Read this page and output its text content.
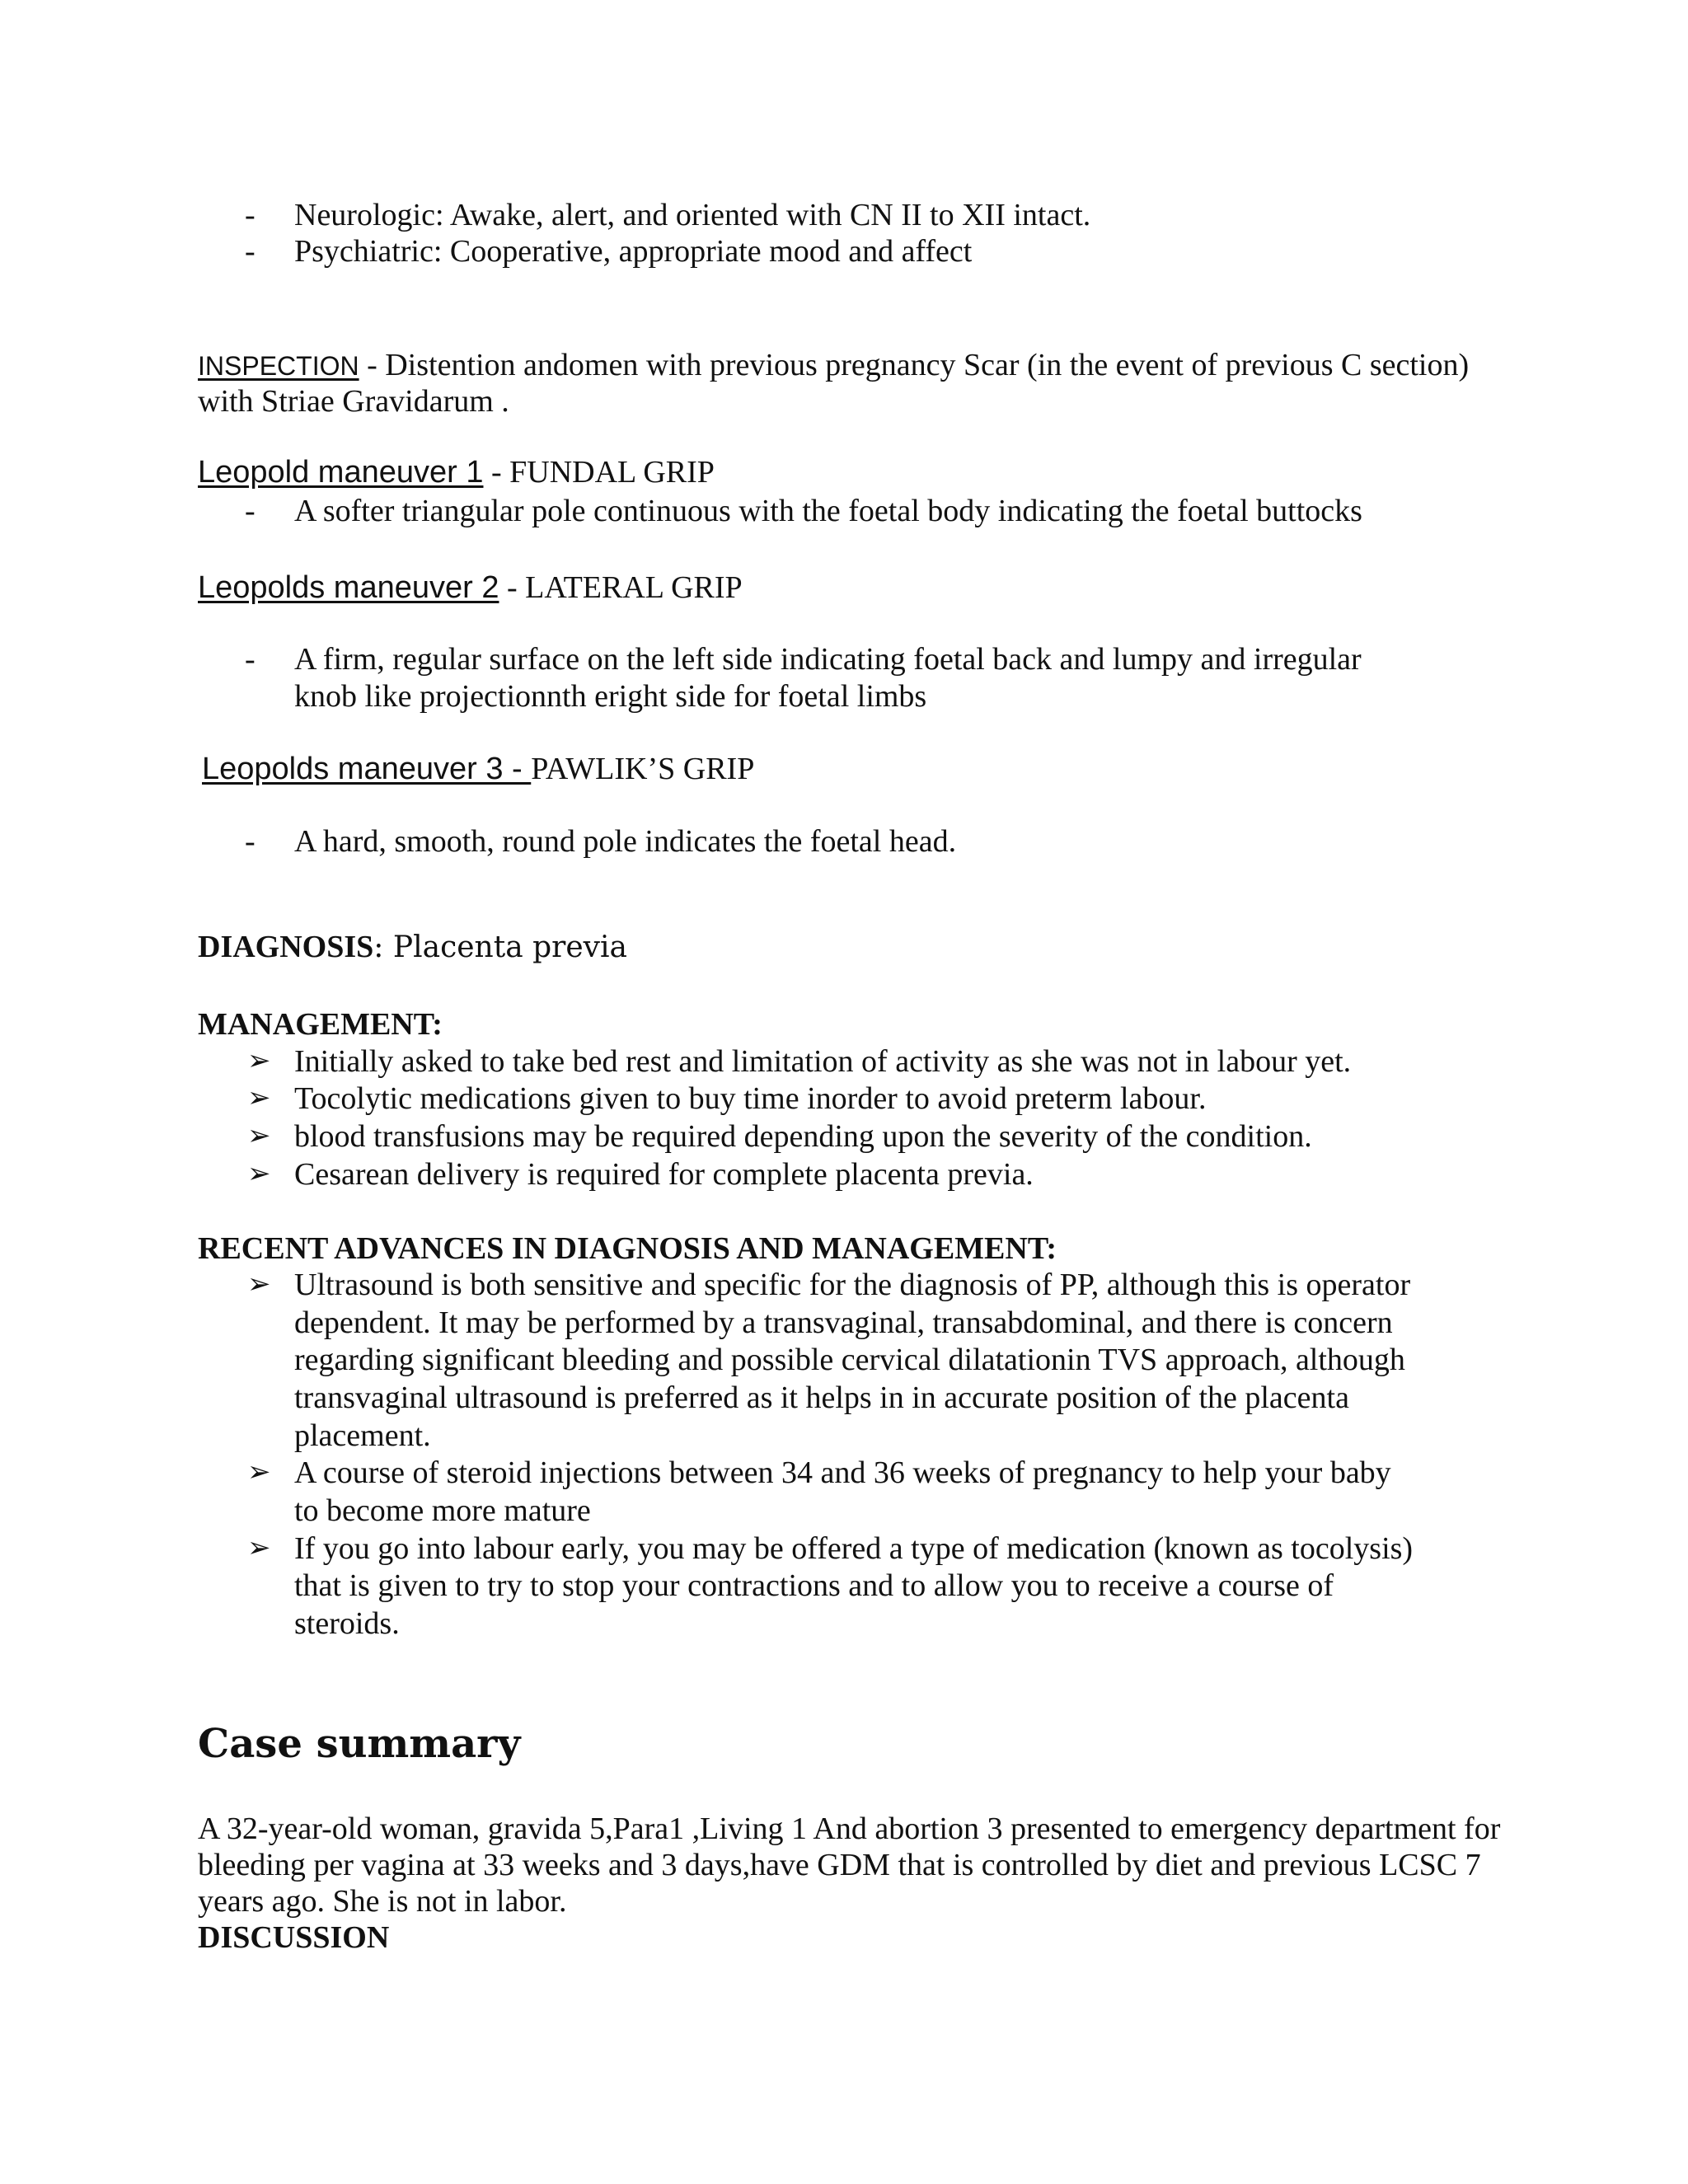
- Neurologic: Awake, alert, and oriented with CN II to XII intact.
- Psychiatric: Cooperative, appropriate mood and affect
INSPECTION - Distention andomen with previous pregnancy Scar (in the event of previous C section)
with Striae Gravidarum .
Leopold maneuver 1 - FUNDAL GRIP
- A softer triangular pole continuous with the foetal body indicating the foetal buttocks
Leopolds maneuver 2 - LATERAL GRIP
- A firm, regular surface on the left side indicating foetal back and lumpy and irregular
knob like projectionnth eright side for foetal limbs
Leopolds maneuver 3 - PAWLIK’S GRIP
- A hard, smooth, round pole indicates the foetal head.
DIAGNOSIS: Placenta previa
MANAGEMENT:
➢ Initially asked to take bed rest and limitation of activity as she was not in labour yet.
➢ Tocolytic medications given to buy time inorder to avoid preterm labour.
➢ blood transfusions may be required depending upon the severity of the condition.
➢ Cesarean delivery is required for complete placenta previa.
RECENT ADVANCES IN DIAGNOSIS AND MANAGEMENT:
➢ Ultrasound is both sensitive and specific for the diagnosis of PP, although this is operator
dependent. It may be performed by a transvaginal, transabdominal, and there is concern
regarding significant bleeding and possible cervical dilatationin TVS approach, although
transvaginal ultrasound is preferred as it helps in in accurate position of the placenta
placement.
➢ A course of steroid injections between 34 and 36 weeks of pregnancy to help your baby
to become more mature
➢ If you go into labour early, you may be offered a type of medication (known as tocolysis)
that is given to try to stop your contractions and to allow you to receive a course of
steroids.
Case summary
A 32-year-old woman, gravida 5,Para1 ,Living 1 And abortion 3 presented to emergency department for
bleeding per vagina at 33 weeks and 3 days,have GDM that is controlled by diet and previous LCSC 7
years ago. She is not in labor.
DISCUSSION
